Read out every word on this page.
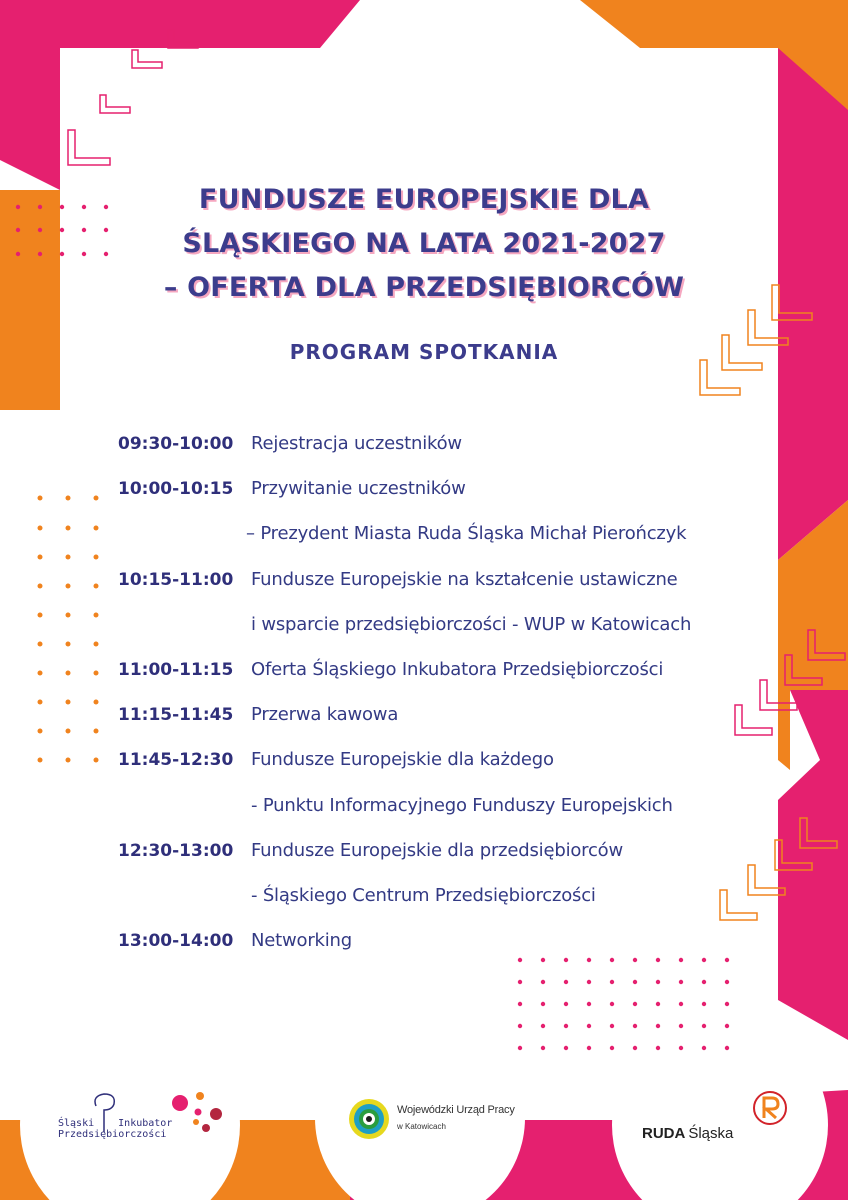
FUNDUSZE EUROPEJSKIE DLA
ŚLĄSKIEGO NA LATA 2021-2027
– OFERTA DLA PRZEDSIĘBIORCÓW
PROGRAM SPOTKANIA
09:30-10:00 Rejestracja uczestników
10:00-10:15 Przywitanie uczestników
– Prezydent Miasta Ruda Śląska Michał Pierończyk
10:15-11:00 Fundusze Europejskie na kształcenie ustawiczne
i wsparcie przedsiębiorczości - WUP w Katowicach
11:00-11:15 Oferta Śląskiego Inkubatora Przedsiębiorczości
11:15-11:45 Przerwa kawowa
11:45-12:30 Fundusze Europejskie dla każdego
- Punktu Informacyjnego Funduszy Europejskich
12:30-13:00 Fundusze Europejskie dla przedsiębiorców
- Śląskiego Centrum Przedsiębiorczości
13:00-14:00 Networking
Śląski Inkubator
Przedsiębiorczości
Wojewódzki Urząd Pracy
w Katowicach	RUDA Śląska
